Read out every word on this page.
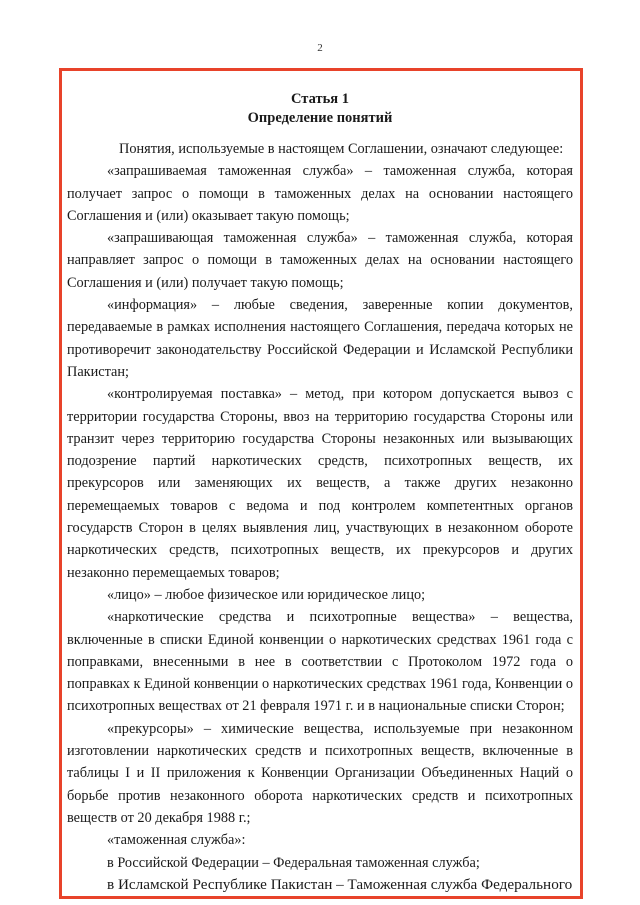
2

Статья 1

Определение понятий

Понятия, используемые в настоящем Соглашении, означают следующее:

«запрашиваемая таможенная служба» – таможенная служба, которая получает запрос о помощи в таможенных делах на основании настоящего Соглашения и (или) оказывает такую помощь;

«запрашивающая таможенная служба» – таможенная служба, которая направляет запрос о помощи в таможенных делах на основании настоящего Соглашения и (или) получает такую помощь;

«информация» – любые сведения, заверенные копии документов, передаваемые в рамках исполнения настоящего Соглашения, передача которых не противоречит законодательству Российской Федерации и Исламской Республики Пакистан;

«контролируемая поставка» – метод, при котором допускается вывоз с территории государства Стороны, ввоз на территорию государства Стороны или транзит через территорию государства Стороны незаконных или вызывающих подозрение партий наркотических средств, психотропных веществ, их прекурсоров или заменяющих их веществ, а также других незаконно перемещаемых товаров с ведома и под контролем компетентных органов государств Сторон в целях выявления лиц, участвующих в незаконном обороте наркотических средств, психотропных веществ, их прекурсоров и других незаконно перемещаемых товаров;

«лицо» – любое физическое или юридическое лицо;

«наркотические средства и психотропные вещества» – вещества, включенные в списки Единой конвенции о наркотических средствах 1961 года с поправками, внесенными в нее в соответствии с Протоколом 1972 года о поправках к Единой конвенции о наркотических средствах 1961 года, Конвенции о психотропных веществах от 21 февраля 1971 г. и в национальные списки Сторон;

«прекурсоры» – химические вещества, используемые при незаконном изготовлении наркотических средств и психотропных веществ, включенные в таблицы I и II приложения к Конвенции Организации Объединенных Наций о борьбе против незаконного оборота наркотических средств и психотропных веществ от 20 декабря 1988 г.;

«таможенная служба»:

в Российской Федерации – Федеральная таможенная служба;

в Исламской Республике Пакистан – Таможенная служба Федерального
